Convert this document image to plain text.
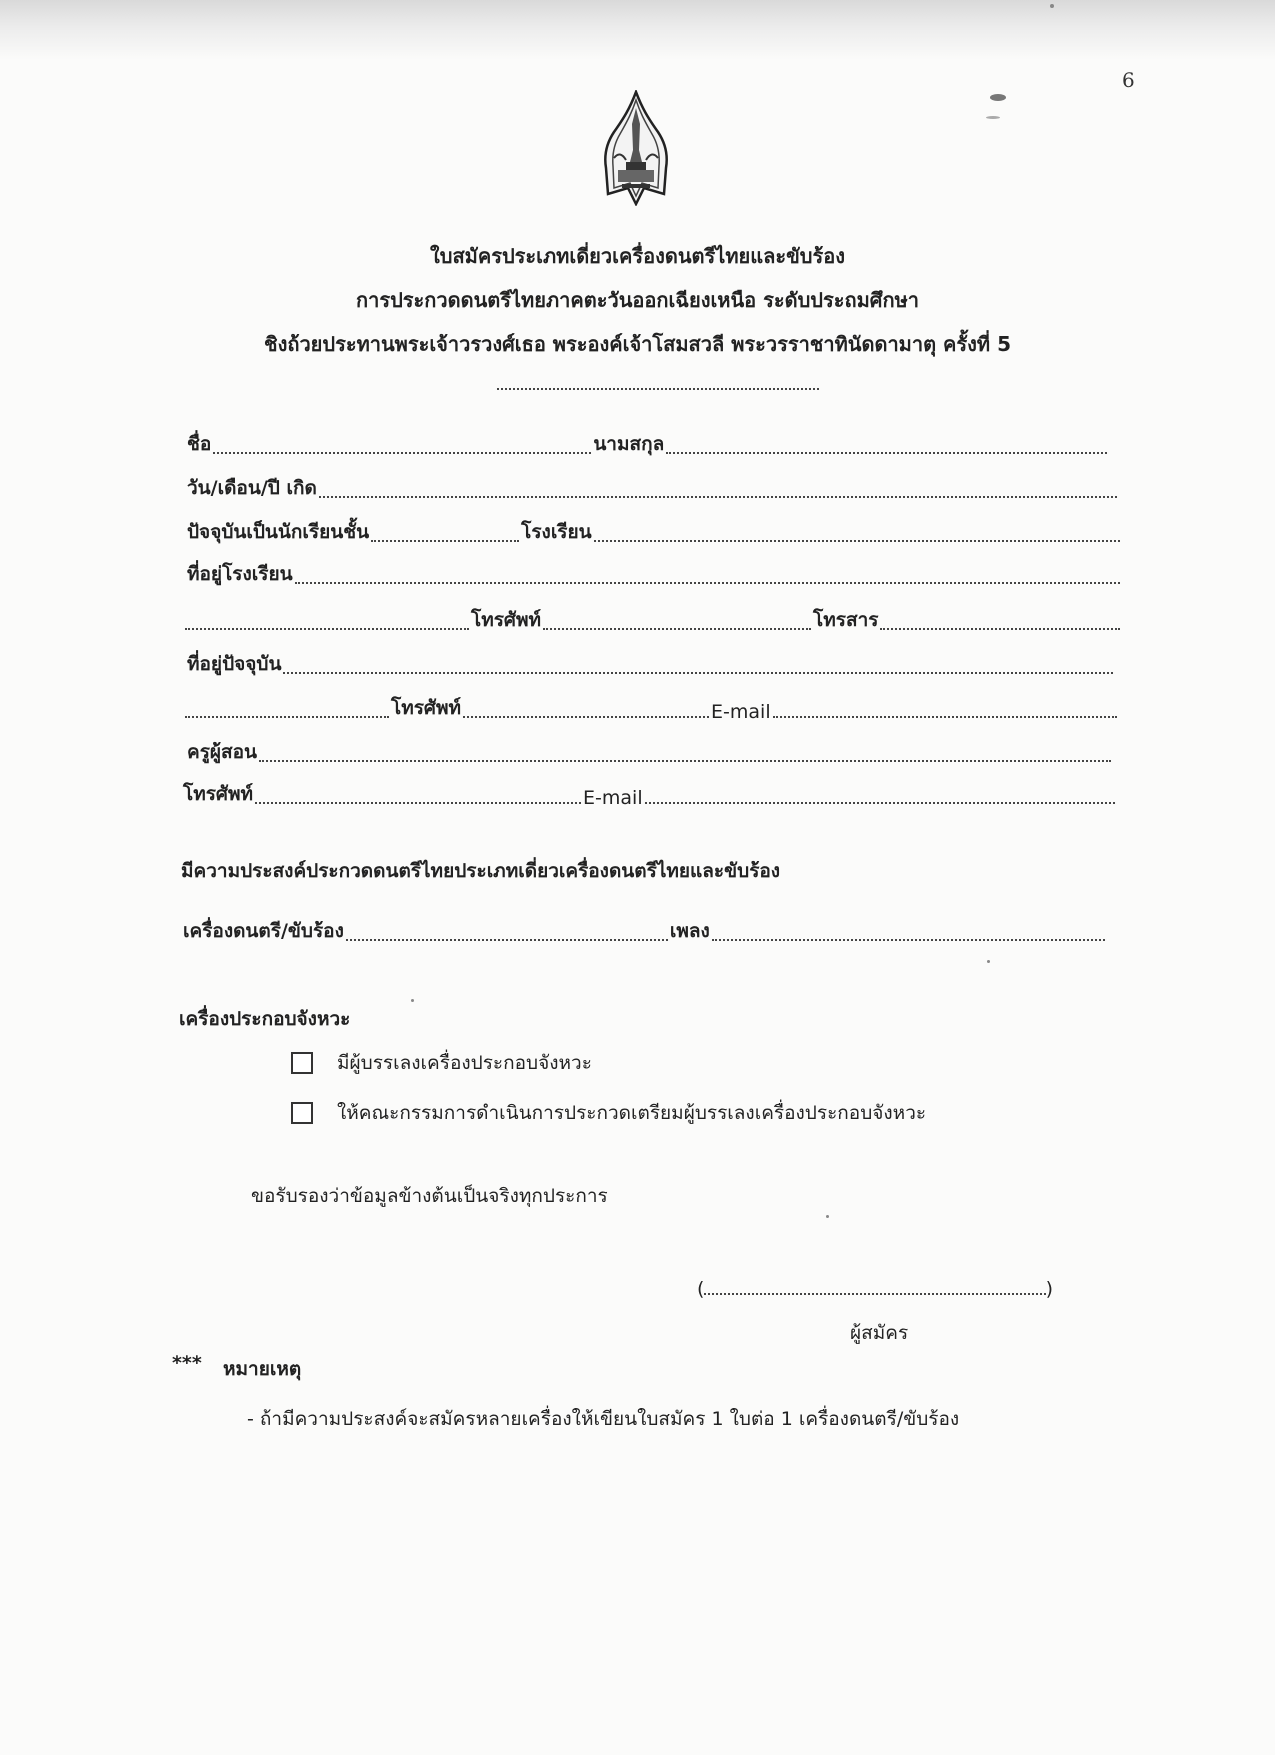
6
ใบสมัครประเภทเดี่ยวเครื่องดนตรีไทยและขับร้อง
การประกวดดนตรีไทยภาคตะวันออกเฉียงเหนือ ระดับประถมศึกษา
ชิงถ้วยประทานพระเจ้าวรวงศ์เธอ พระองค์เจ้าโสมสวลี พระวรราชาทินัดดามาตุ ครั้งที่ 5
ชื่อ	นามสกุล
วัน/เดือน/ปี เกิด
ปัจจุบันเป็นนักเรียนชั้น	โรงเรียน
ที่อยู่โรงเรียน
โทรศัพท์	โทรสาร
ที่อยู่ปัจจุบัน
โทรศัพท์	E-mail
ครูผู้สอน
โทรศัพท์	E-mail
มีความประสงค์ประกวดดนตรีไทยประเภทเดี่ยวเครื่องดนตรีไทยและขับร้อง
เครื่องดนตรี/ขับร้อง	เพลง
เครื่องประกอบจังหวะ
มีผู้บรรเลงเครื่องประกอบจังหวะ
ให้คณะกรรมการดำเนินการประกวดเตรียมผู้บรรเลงเครื่องประกอบจังหวะ
ขอรับรองว่าข้อมูลข้างต้นเป็นจริงทุกประการ
(	)
ผู้สมัคร
*** หมายเหตุ
- ถ้ามีความประสงค์จะสมัครหลายเครื่องให้เขียนใบสมัคร 1 ใบต่อ 1 เครื่องดนตรี/ขับร้อง
